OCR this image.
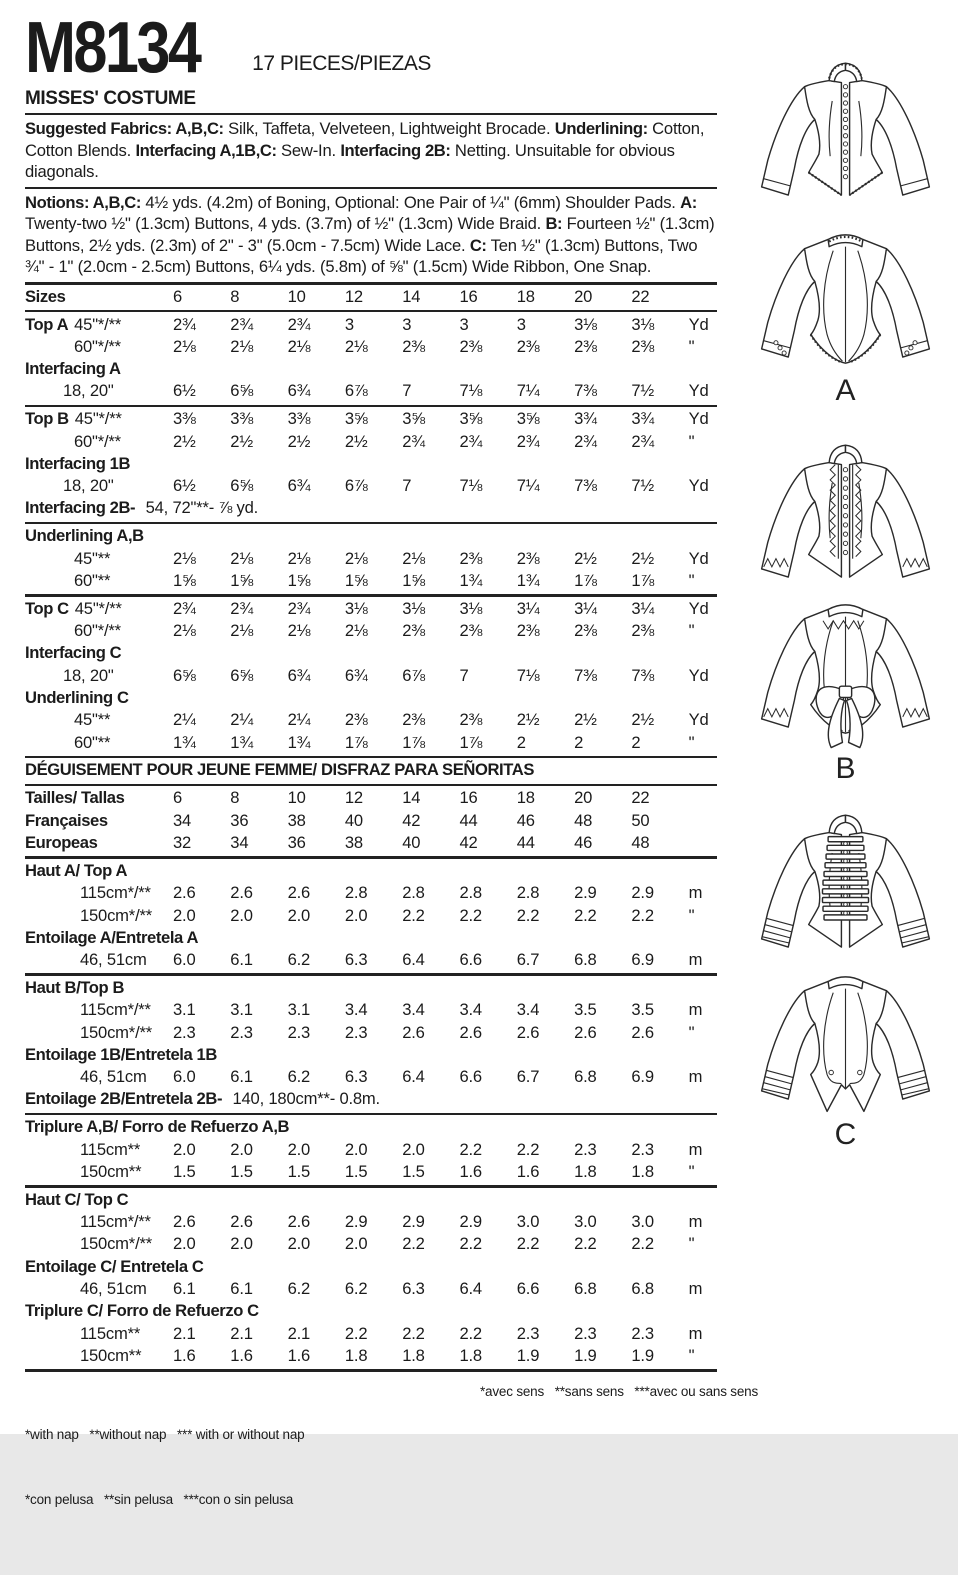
M8134	17 PIECES/PIEZAS
MISSES' COSTUME

Suggested Fabrics: A,B,C: Silk, Taffeta, Velveteen, Lightweight Brocade. Underlining: Cotton, Cotton Blends. Interfacing A,1B,C: Sew-In. Interfacing 2B: Netting. Unsuitable for obvious diagonals.

Notions: A,B,C: 4½ yds. (4.2m) of Boning, Optional: One Pair of ¼" (6mm) Shoulder Pads. A: Twenty-two ½" (1.3cm) Buttons, 4 yds. (3.7m) of ½" (1.3cm) Wide Braid. B: Fourteen ½" (1.3cm) Buttons, 2½ yds. (2.3m) of 2" - 3" (5.0cm - 7.5cm) Wide Lace. C: Ten ½" (1.3cm) Buttons, Two ¾" - 1" (2.0cm - 2.5cm) Buttons, 6¼ yds. (5.8m) of ⅝" (1.5cm) Wide Ribbon, One Snap.

Sizes	6	8	10	12	14	16	18	20	22
Top A 45"*/**	2¾	2¾	2¾	3	3	3	3	3⅛	3⅛	Yd
60"*/**	2⅛	2⅛	2⅛	2⅛	2⅜	2⅜	2⅜	2⅜	2⅜	"
Interfacing A
18, 20"	6½	6⅝	6¾	6⅞	7	7⅛	7¼	7⅜	7½	Yd
Top B 45"*/**	3⅜	3⅜	3⅜	3⅝	3⅝	3⅝	3⅝	3¾	3¾	Yd
60"*/**	2½	2½	2½	2½	2¾	2¾	2¾	2¾	2¾	"
Interfacing 1B
18, 20"	6½	6⅝	6¾	6⅞	7	7⅛	7¼	7⅜	7½	Yd
Interfacing 2B- 54, 72"**- ⅞ yd.
Underlining A,B
45"**	2⅛	2⅛	2⅛	2⅛	2⅛	2⅜	2⅜	2½	2½	Yd
60"**	1⅝	1⅝	1⅝	1⅝	1⅝	1¾	1¾	1⅞	1⅞	"
Top C 45"*/**	2¾	2¾	2¾	3⅛	3⅛	3⅛	3¼	3¼	3¼	Yd
60"*/**	2⅛	2⅛	2⅛	2⅛	2⅜	2⅜	2⅜	2⅜	2⅜	"
Interfacing C
18, 20"	6⅝	6⅝	6¾	6¾	6⅞	7	7⅛	7⅜	7⅜	Yd
Underlining C
45"**	2¼	2¼	2¼	2⅜	2⅜	2⅜	2½	2½	2½	Yd
60"**	1¾	1¾	1¾	1⅞	1⅞	1⅞	2	2	2	"
DÉGUISEMENT POUR JEUNE FEMME/ DISFRAZ PARA SEÑORITAS
Tailles/ Tallas	6	8	10	12	14	16	18	20	22
Françaises	34	36	38	40	42	44	46	48	50
Europeas	32	34	36	38	40	42	44	46	48
Haut A/ Top A
115cm*/**	2.6	2.6	2.6	2.8	2.8	2.8	2.8	2.9	2.9	m
150cm*/**	2.0	2.0	2.0	2.0	2.2	2.2	2.2	2.2	2.2	"
Entoilage A/Entretela A
46, 51cm	6.0	6.1	6.2	6.3	6.4	6.6	6.7	6.8	6.9	m
Haut B/Top B
115cm*/**	3.1	3.1	3.1	3.4	3.4	3.4	3.4	3.5	3.5	m
150cm*/**	2.3	2.3	2.3	2.3	2.6	2.6	2.6	2.6	2.6	"
Entoilage 1B/Entretela 1B
46, 51cm	6.0	6.1	6.2	6.3	6.4	6.6	6.7	6.8	6.9	m
Entoilage 2B/Entretela 2B- 140, 180cm**- 0.8m.
Triplure A,B/ Forro de Refuerzo A,B
115cm**	2.0	2.0	2.0	2.0	2.0	2.2	2.2	2.3	2.3	m
150cm**	1.5	1.5	1.5	1.5	1.5	1.6	1.6	1.8	1.8	"
Haut C/ Top C
115cm*/**	2.6	2.6	2.6	2.9	2.9	2.9	3.0	3.0	3.0	m
150cm*/**	2.0	2.0	2.0	2.0	2.2	2.2	2.2	2.2	2.2	"
Entoilage C/ Entretela C
46, 51cm	6.1	6.1	6.2	6.2	6.3	6.4	6.6	6.8	6.8	m
Triplure C/ Forro de Refuerzo C
115cm**	2.1	2.1	2.1	2.2	2.2	2.2	2.3	2.3	2.3	m
150cm**	1.6	1.6	1.6	1.8	1.8	1.8	1.9	1.9	1.9	"

*with nap   **without nap   *** with or without nap

*con pelusa   **sin pelusa   ***con o sin pelusa

*avec sens   **sans sens   ***avec ou sans sens

A
B
C
